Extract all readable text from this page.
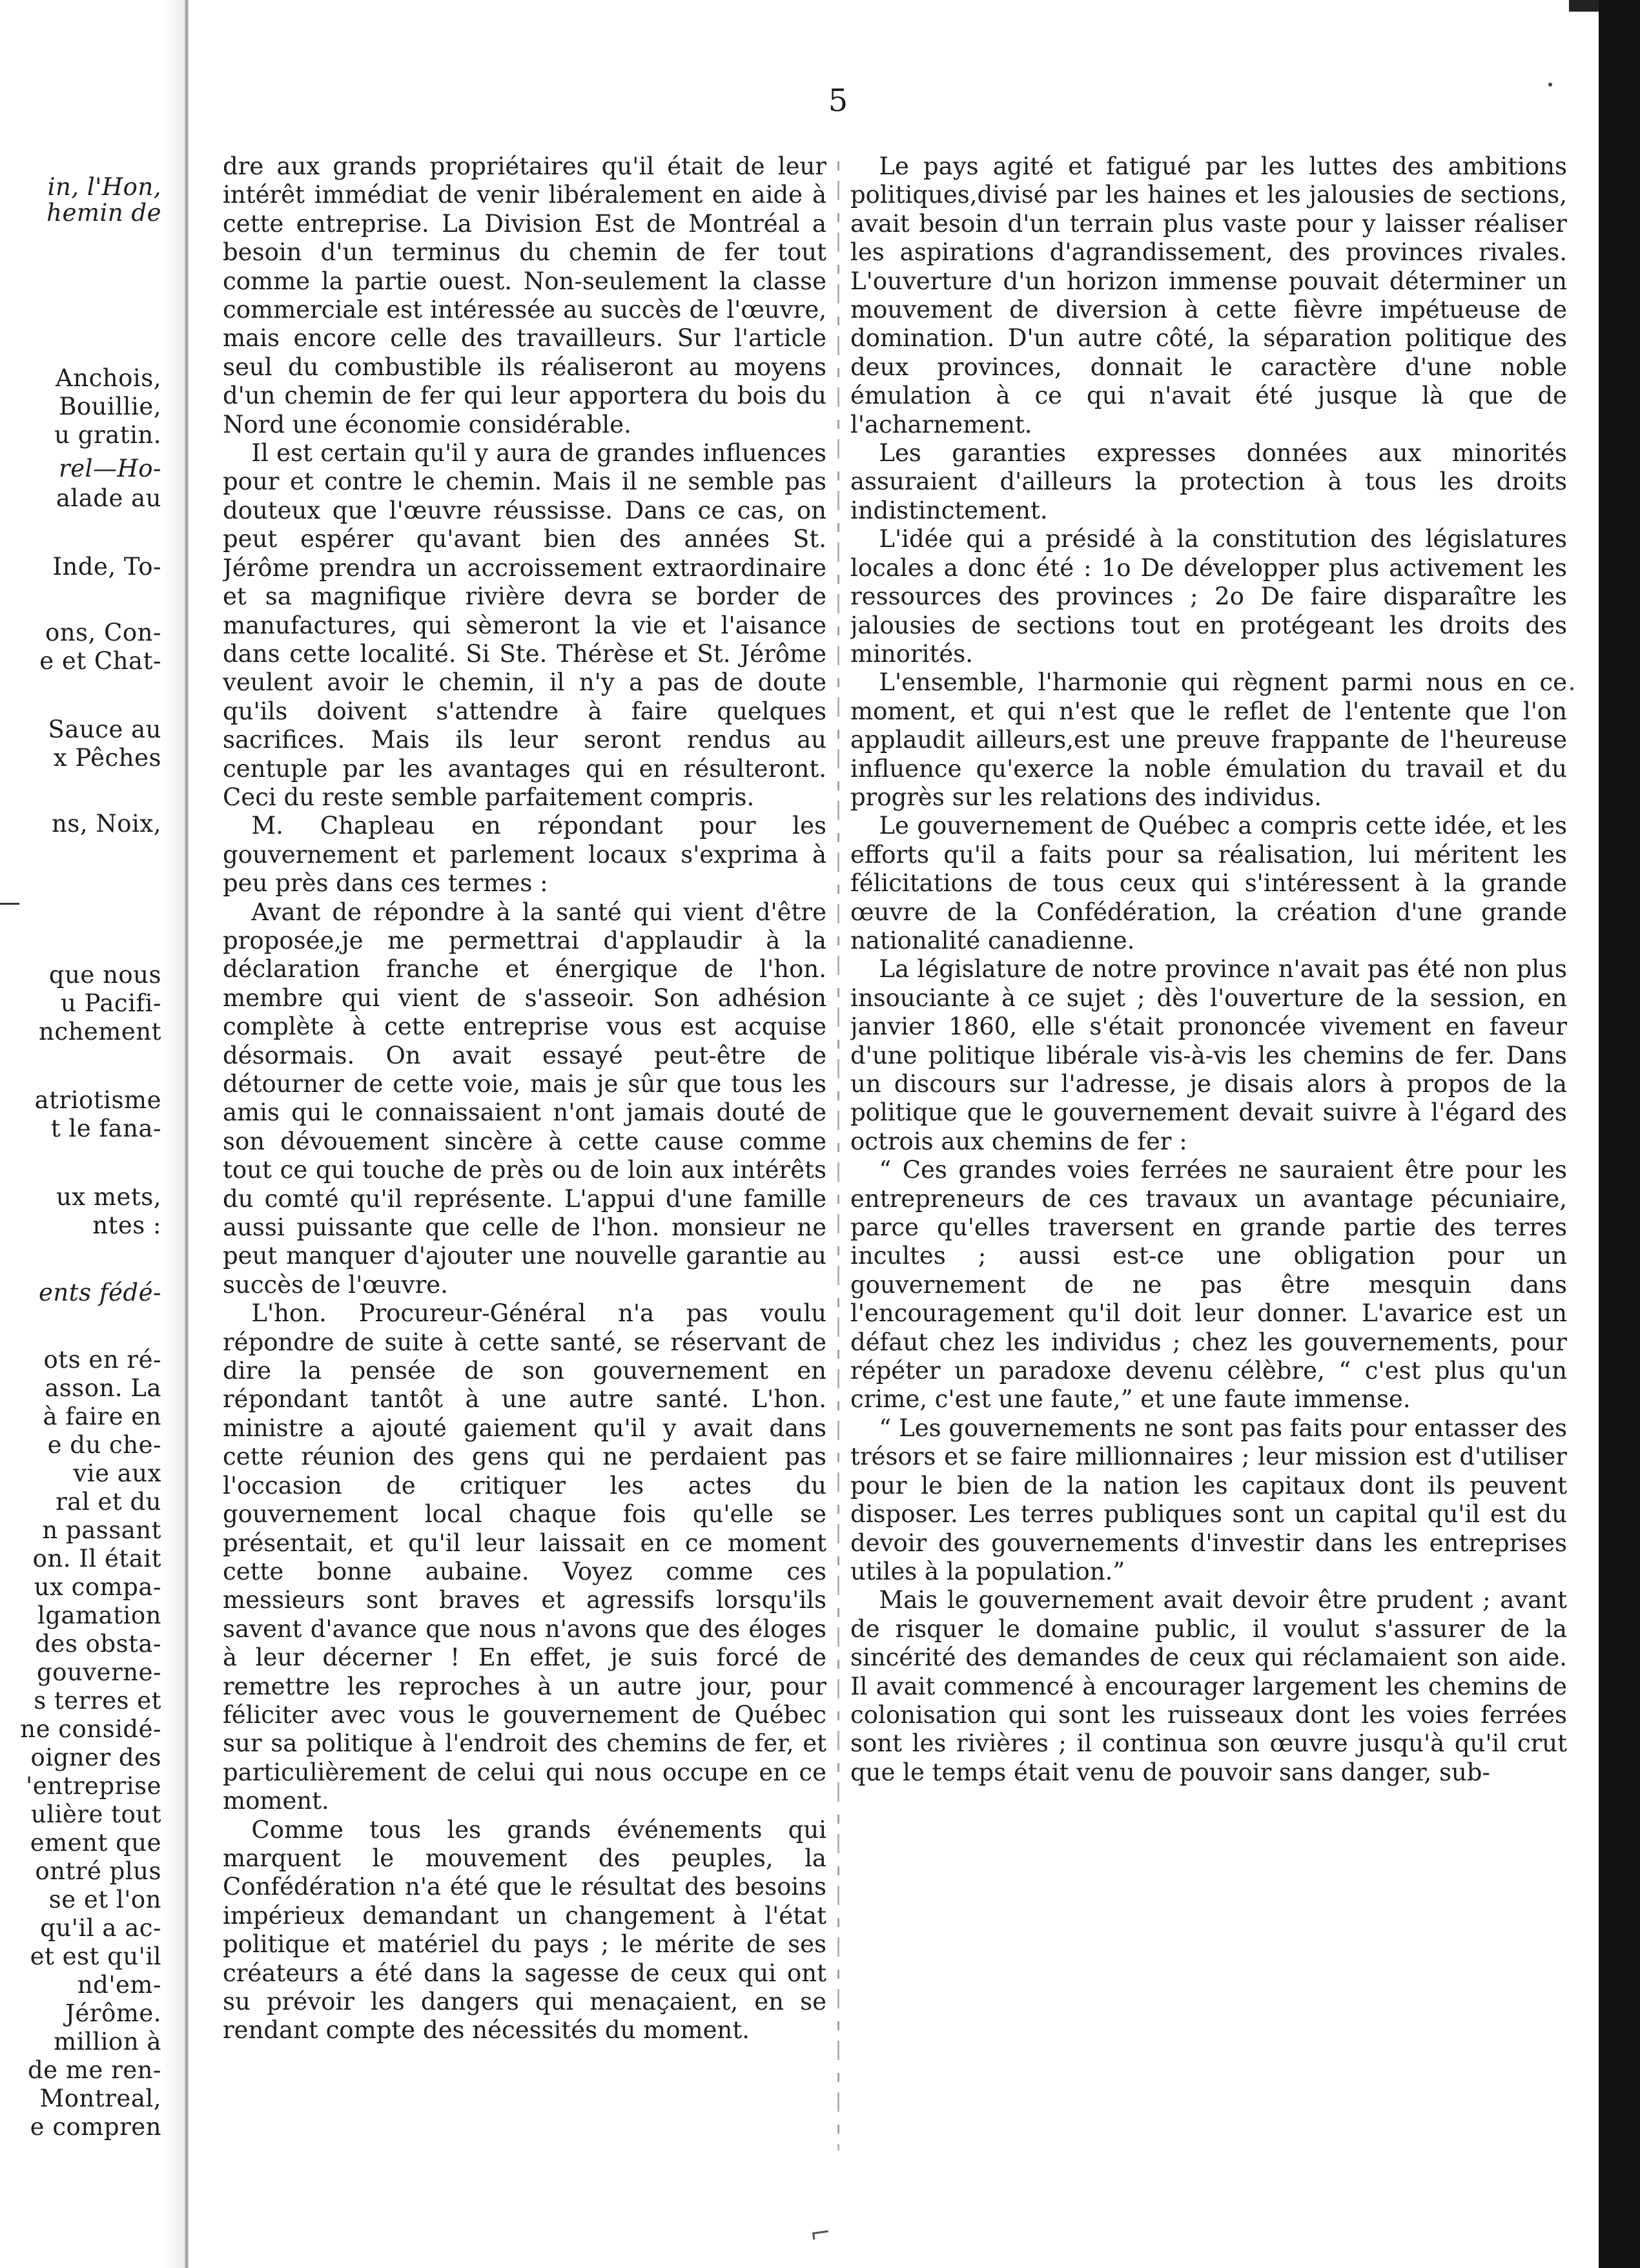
in, l'Hon,
hemin de
Anchois,
Bouillie,
u gratin.
rel—Ho-
alade au
Inde, To-
ons, Con-
e et Chat-
Sauce au
x Pêches
ns, Noix,
que nous
u Pacifi-
nchement
atriotisme
t le fana-
ux mets,
ntes :
ents fédé-
ots en ré-
asson. La
à faire en
e du che-
vie aux
ral et du
n passant
on. Il était
ux compa-
lgamation
des obsta-
gouverne-
s terres et
ne considé-
oigner des
'entreprise
ulière tout
ement que
ontré plus
se et l'on
qu'il a ac-
et est qu'il
nd'em-
Jérôme.
million à
de me ren-
Montreal,
e compren
5

dre aux grands propriétaires qu'il était de leur intérêt immédiat de venir libéralement en aide à cette entreprise. La Division Est de Montréal a besoin d'un terminus du chemin de fer tout comme la partie ouest. Non-seulement la classe commerciale est intéressée au succès de l'œuvre, mais encore celle des travailleurs. Sur l'article seul du combustible ils réaliseront au moyens d'un chemin de fer qui leur apportera du bois du Nord une économie considérable.

Il est certain qu'il y aura de grandes influences pour et contre le chemin. Mais il ne semble pas douteux que l'œuvre réussisse. Dans ce cas, on peut espérer qu'avant bien des années St. Jérôme prendra un accroissement extraordinaire et sa magnifique rivière devra se border de manufactures, qui sèmeront la vie et l'aisance dans cette localité. Si Ste. Thérèse et St. Jérôme veulent avoir le chemin, il n'y a pas de doute qu'ils doivent s'attendre à faire quelques sacrifices. Mais ils leur seront rendus au centuple par les avantages qui en résulteront. Ceci du reste semble parfaitement compris.

M. Chapleau en répondant pour les gouvernement et parlement locaux s'exprima à peu près dans ces termes :

Avant de répondre à la santé qui vient d'être proposée,je me permettrai d'applaudir à la déclaration franche et énergique de l'hon. membre qui vient de s'asseoir. Son adhésion complète à cette entreprise vous est acquise désormais. On avait essayé peut-être de détourner de cette voie, mais je sûr que tous les amis qui le connaissaient n'ont jamais douté de son dévouement sincère à cette cause comme tout ce qui touche de près ou de loin aux intérêts du comté qu'il représente. L'appui d'une famille aussi puissante que celle de l'hon. monsieur ne peut manquer d'ajouter une nouvelle garantie au succès de l'œuvre.

L'hon. Procureur-Général n'a pas voulu répondre de suite à cette santé, se réservant de dire la pensée de son gouvernement en répondant tantôt à une autre santé. L'hon. ministre a ajouté gaiement qu'il y avait dans cette réunion des gens qui ne perdaient pas l'occasion de critiquer les actes du gouvernement local chaque fois qu'elle se présentait, et qu'il leur laissait en ce moment cette bonne aubaine. Voyez comme ces messieurs sont braves et agressifs lorsqu'ils savent d'avance que nous n'avons que des éloges à leur décerner ! En effet, je suis forcé de remettre les reproches à un autre jour, pour féliciter avec vous le gouvernement de Québec sur sa politique à l'endroit des chemins de fer, et particulièrement de celui qui nous occupe en ce moment.

Comme tous les grands événements qui marquent le mouvement des peuples, la Confédération n'a été que le résultat des besoins impérieux demandant un changement à l'état politique et matériel du pays ; le mérite de ses créateurs a été dans la sagesse de ceux qui ont su prévoir les dangers qui menaçaient, en se rendant compte des nécessités du moment.

Le pays agité et fatigué par les luttes des ambitions politiques,divisé par les haines et les jalousies de sections, avait besoin d'un terrain plus vaste pour y laisser réaliser les aspirations d'agrandissement, des provinces rivales. L'ouverture d'un horizon immense pouvait déterminer un mouvement de diversion à cette fièvre impétueuse de domination. D'un autre côté, la séparation politique des deux provinces, donnait le caractère d'une noble émulation à ce qui n'avait été jusque là que de l'acharnement.

Les garanties expresses données aux minorités assuraient d'ailleurs la protection à tous les droits indistinctement.

L'idée qui a présidé à la constitution des législatures locales a donc été : 1o De développer plus activement les ressources des provinces ; 2o De faire disparaître les jalousies de sections tout en protégeant les droits des minorités.

L'ensemble, l'harmonie qui règnent parmi nous en ce moment, et qui n'est que le reflet de l'entente que l'on applaudit ailleurs,est une preuve frappante de l'heureuse influence qu'exerce la noble émulation du travail et du progrès sur les relations des individus.

Le gouvernement de Québec a compris cette idée, et les efforts qu'il a faits pour sa réalisation, lui méritent les félicitations de tous ceux qui s'intéressent à la grande œuvre de la Confédération, la création d'une grande nationalité canadienne.

La législature de notre province n'avait pas été non plus insouciante à ce sujet ; dès l'ouverture de la session, en janvier 1860, elle s'était prononcée vivement en faveur d'une politique libérale vis-à-vis les chemins de fer. Dans un discours sur l'adresse, je disais alors à propos de la politique que le gouvernement devait suivre à l'égard des octrois aux chemins de fer :

“ Ces grandes voies ferrées ne sauraient être pour les entrepreneurs de ces travaux un avantage pécuniaire, parce qu'elles traversent en grande partie des terres incultes ; aussi est-ce une obligation pour un gouvernement de ne pas être mesquin dans l'encouragement qu'il doit leur donner. L'avarice est un défaut chez les individus ; chez les gouvernements, pour répéter un paradoxe devenu célèbre, “ c'est plus qu'un crime, c'est une faute,” et une faute immense.

“ Les gouvernements ne sont pas faits pour entasser des trésors et se faire millionnaires ; leur mission est d'utiliser pour le bien de la nation les capitaux dont ils peuvent disposer. Les terres publiques sont un capital qu'il est du devoir des gouvernements d'investir dans les entreprises utiles à la population.”

Mais le gouvernement avait devoir être prudent ; avant de risquer le domaine public, il voulut s'assurer de la sincérité des demandes de ceux qui réclamaient son aide. Il avait commencé à encourager largement les chemins de colonisation qui sont les ruisseaux dont les voies ferrées sont les rivières ; il continua son œuvre jusqu'à qu'il crut que le temps était venu de pouvoir sans danger, sub-

⌐
